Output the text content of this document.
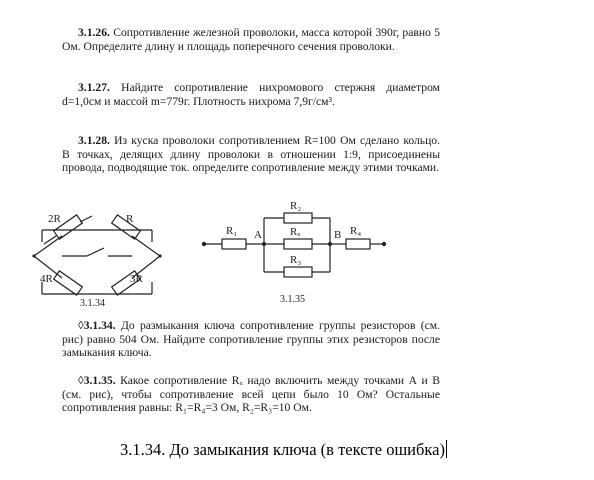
3.1.26. Сопротивление железной проволоки, масса которой 390г, равно 5 Ом. Определите длину и площадь поперечного сечения проволоки.
3.1.27. Найдите сопротивление нихромового стержня диаметром d=1,0см и массой m=779г. Плотность нихрома 7,9г/см³.
3.1.28. Из куска проволоки сопротивлением R=100 Ом сделано кольцо. В точках, делящих длину проволоки в отношении 1:9, присоединены провода, подводящие ток. определите сопротивление между этими точками.
2R	R
4R	3R
3.1.34
R₁
R₂
Rₓ
R₃
R₄
A	B
3.1.35
◊3.1.34. До размыкания ключа сопротивление группы резисторов (см. рис) равно 504 Ом. Найдите сопротивление группы этих резисторов после замыкания ключа.
◊3.1.35. Какое сопротивление Rₓ надо включить между точками А и В (см. рис), чтобы сопротивление всей цепи было 10 Ом? Остальные сопротивления равны: R₁=R₄=3 Ом, R₂=R₃=10 Ом.
3.1.34. До замыкания ключа (в тексте ошибка)
